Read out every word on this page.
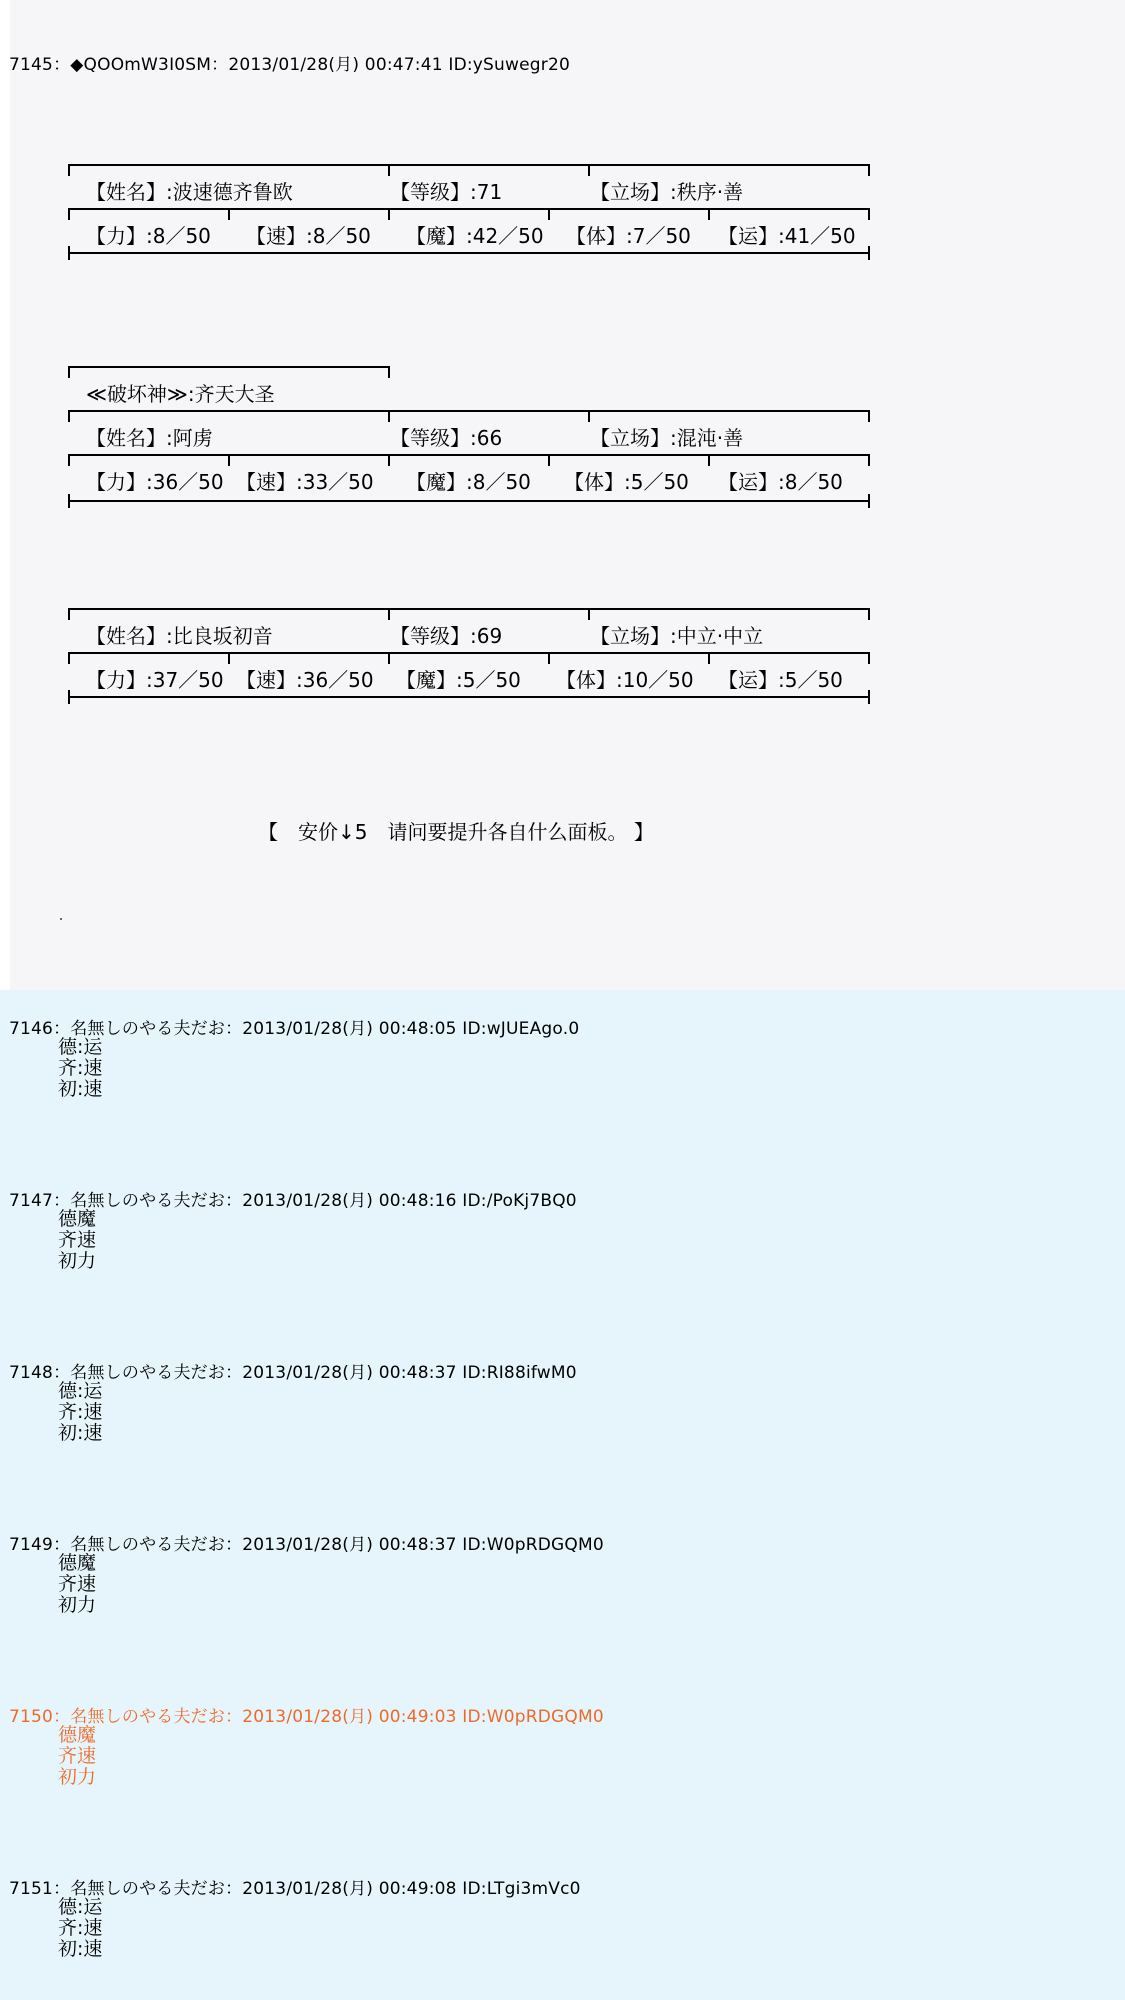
7145：◆QOOmW3I0SM：2013/01/28(月) 00:47:41 ID:ySuwegr20
【姓名】:波速德齐鲁欧	【等级】:71	【立场】:秩序·善
【力】:8／50 【速】:8／50 【魔】:42／50 【体】:7／50 【运】:41／50
≪破坏神≫:齐天大圣
【姓名】:阿虏	【等级】:66	【立场】:混沌·善
【力】:36／50 【速】:33／50 【魔】:8／50 【体】:5／50 【运】:8／50
【姓名】:比良坂初音	【等级】:69	【立场】:中立·中立
【力】:37／50 【速】:36／50 【魔】:5／50 【体】:10／50 【运】:5／50
【　安价↓5　请问要提升各自什么面板。 】
7146：名無しのやる夫だお：2013/01/28(月) 00:48:05 ID:wJUEAgo.0
德:运
齐:速
初:速
7147：名無しのやる夫だお：2013/01/28(月) 00:48:16 ID:/PoKj7BQ0
德魔
齐速
初力
7148：名無しのやる夫だお：2013/01/28(月) 00:48:37 ID:RI88ifwM0
德:运
齐:速
初:速
7149：名無しのやる夫だお：2013/01/28(月) 00:48:37 ID:W0pRDGQM0
德魔
齐速
初力
7150：名無しのやる夫だお：2013/01/28(月) 00:49:03 ID:W0pRDGQM0
德魔
齐速
初力
7151：名無しのやる夫だお：2013/01/28(月) 00:49:08 ID:LTgi3mVc0
德:运
齐:速
初:速
